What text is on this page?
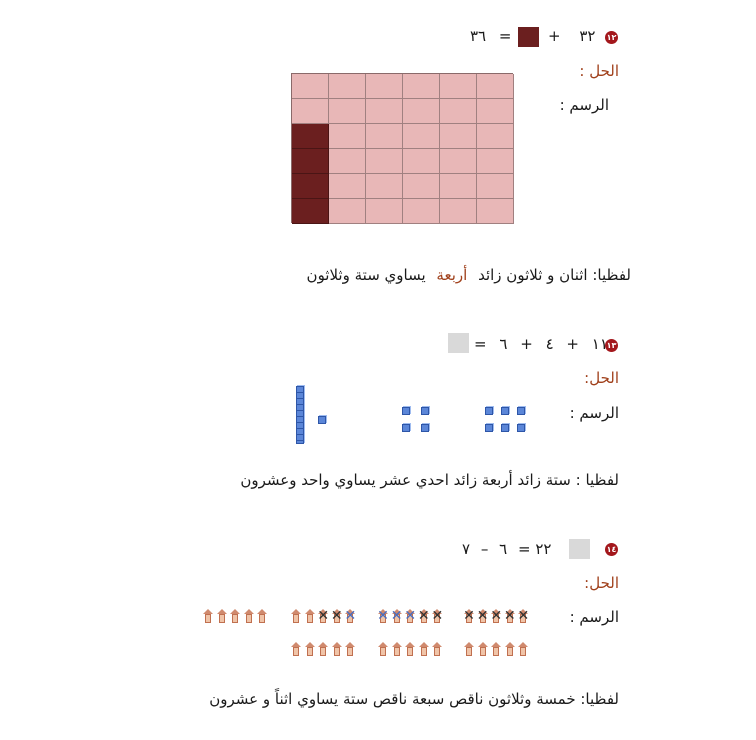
١٢
٣٦ = + ٣٢
الحل :
الرسم :
لفظيا: اثنان و ثلاثون زائد أربعة يساوي ستة وثلاثون
١٣
=	١١ + ٤ + ٦
الحل:
الرسم :
لفظيا : ستة زائد أربعة زائد احدي عشر يساوي واحد وعشرون
١٤
٢٢ = ٦ – ٧
الحل:
الرسم :
✕ ✕ ✕ ✕ ✕
✕ ✕ ✕ ✕ ✕
✕ ✕ ✕
لفظيا: خمسة وثلاثون ناقص سبعة ناقص ستة يساوي اثناً و عشرون
